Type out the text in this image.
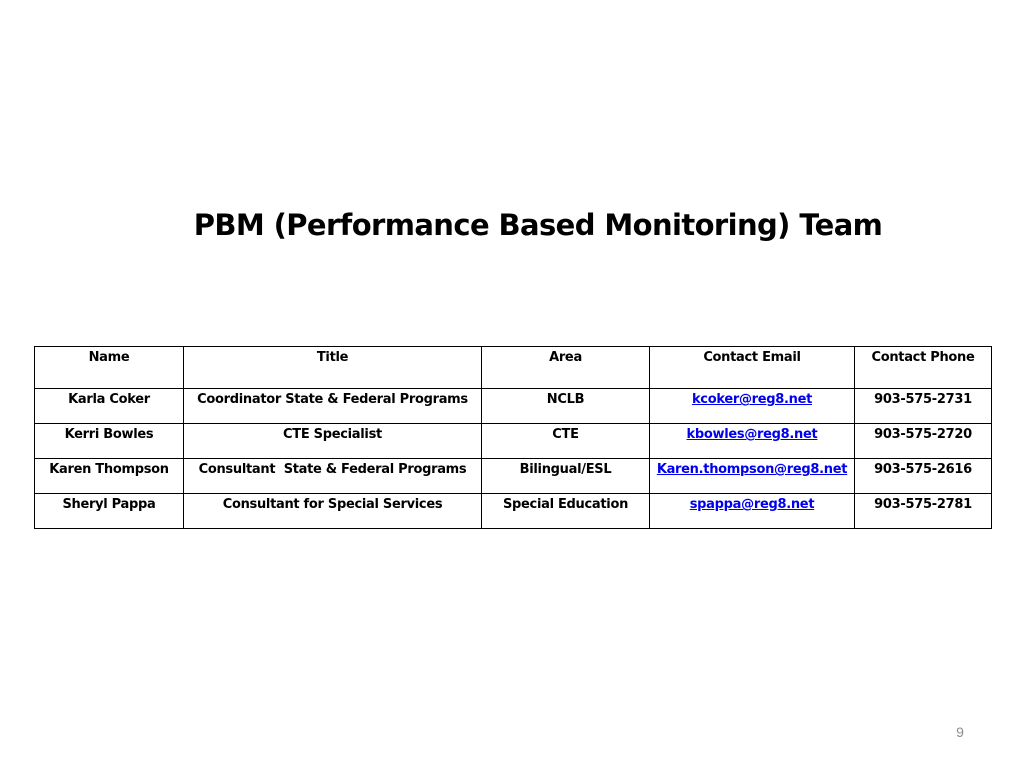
PBM (Performance Based Monitoring) Team
Name	Title	Area	Contact Email	Contact Phone
Karla Coker	Coordinator State & Federal Programs	NCLB	kcoker@reg8.net	903-575-2731
Kerri Bowles	CTE Specialist	CTE	kbowles@reg8.net	903-575-2720
Karen Thompson	Consultant  State & Federal Programs	Bilingual/ESL	Karen.thompson@reg8.net	903-575-2616
Sheryl Pappa	Consultant for Special Services	Special Education	spappa@reg8.net	903-575-2781
9
